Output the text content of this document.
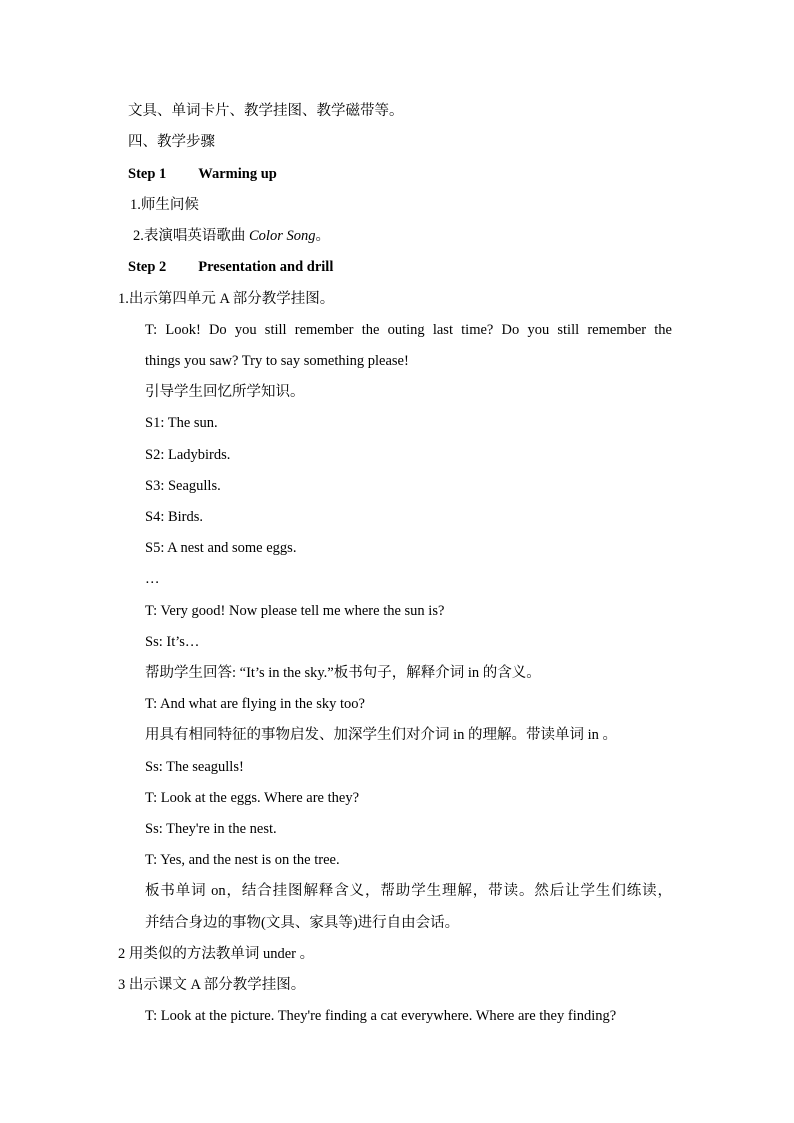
文具、单词卡片、教学挂图、教学磁带等。
四、教学步骤
Step 1 Warming up
1.师生问候
2.表演唱英语歌曲 Color Song。
Step 2 Presentation and drill
1.出示第四单元 A 部分教学挂图。
T: Look! Do you still remember the outing last time? Do you still remember the
things you saw? Try to say something please!
引导学生回忆所学知识。
S1: The sun.
S2: Ladybirds.
S3: Seagulls.
S4: Birds.
S5: A nest and some eggs.
…
T: Very good! Now please tell me where the sun is?
Ss: It’s…
帮助学生回答: “It’s in the sky.”板书句子，解释介词 in 的含义。
T: And what are flying in the sky too?
用具有相同特征的事物启发、加深学生们对介词 in 的理解。带读单词 in 。
Ss: The seagulls!
T: Look at the eggs. Where are they?
Ss: They're in the nest.
T: Yes, and the nest is on the tree.
板书单词 on，结合挂图解释含义，帮助学生理解，带读。然后让学生们练读，
并结合身边的事物(文具、家具等)进行自由会话。
2 用类似的方法教单词 under 。
3 出示课文 A 部分教学挂图。
T: Look at the picture. They're finding a cat everywhere. Where are they finding?
